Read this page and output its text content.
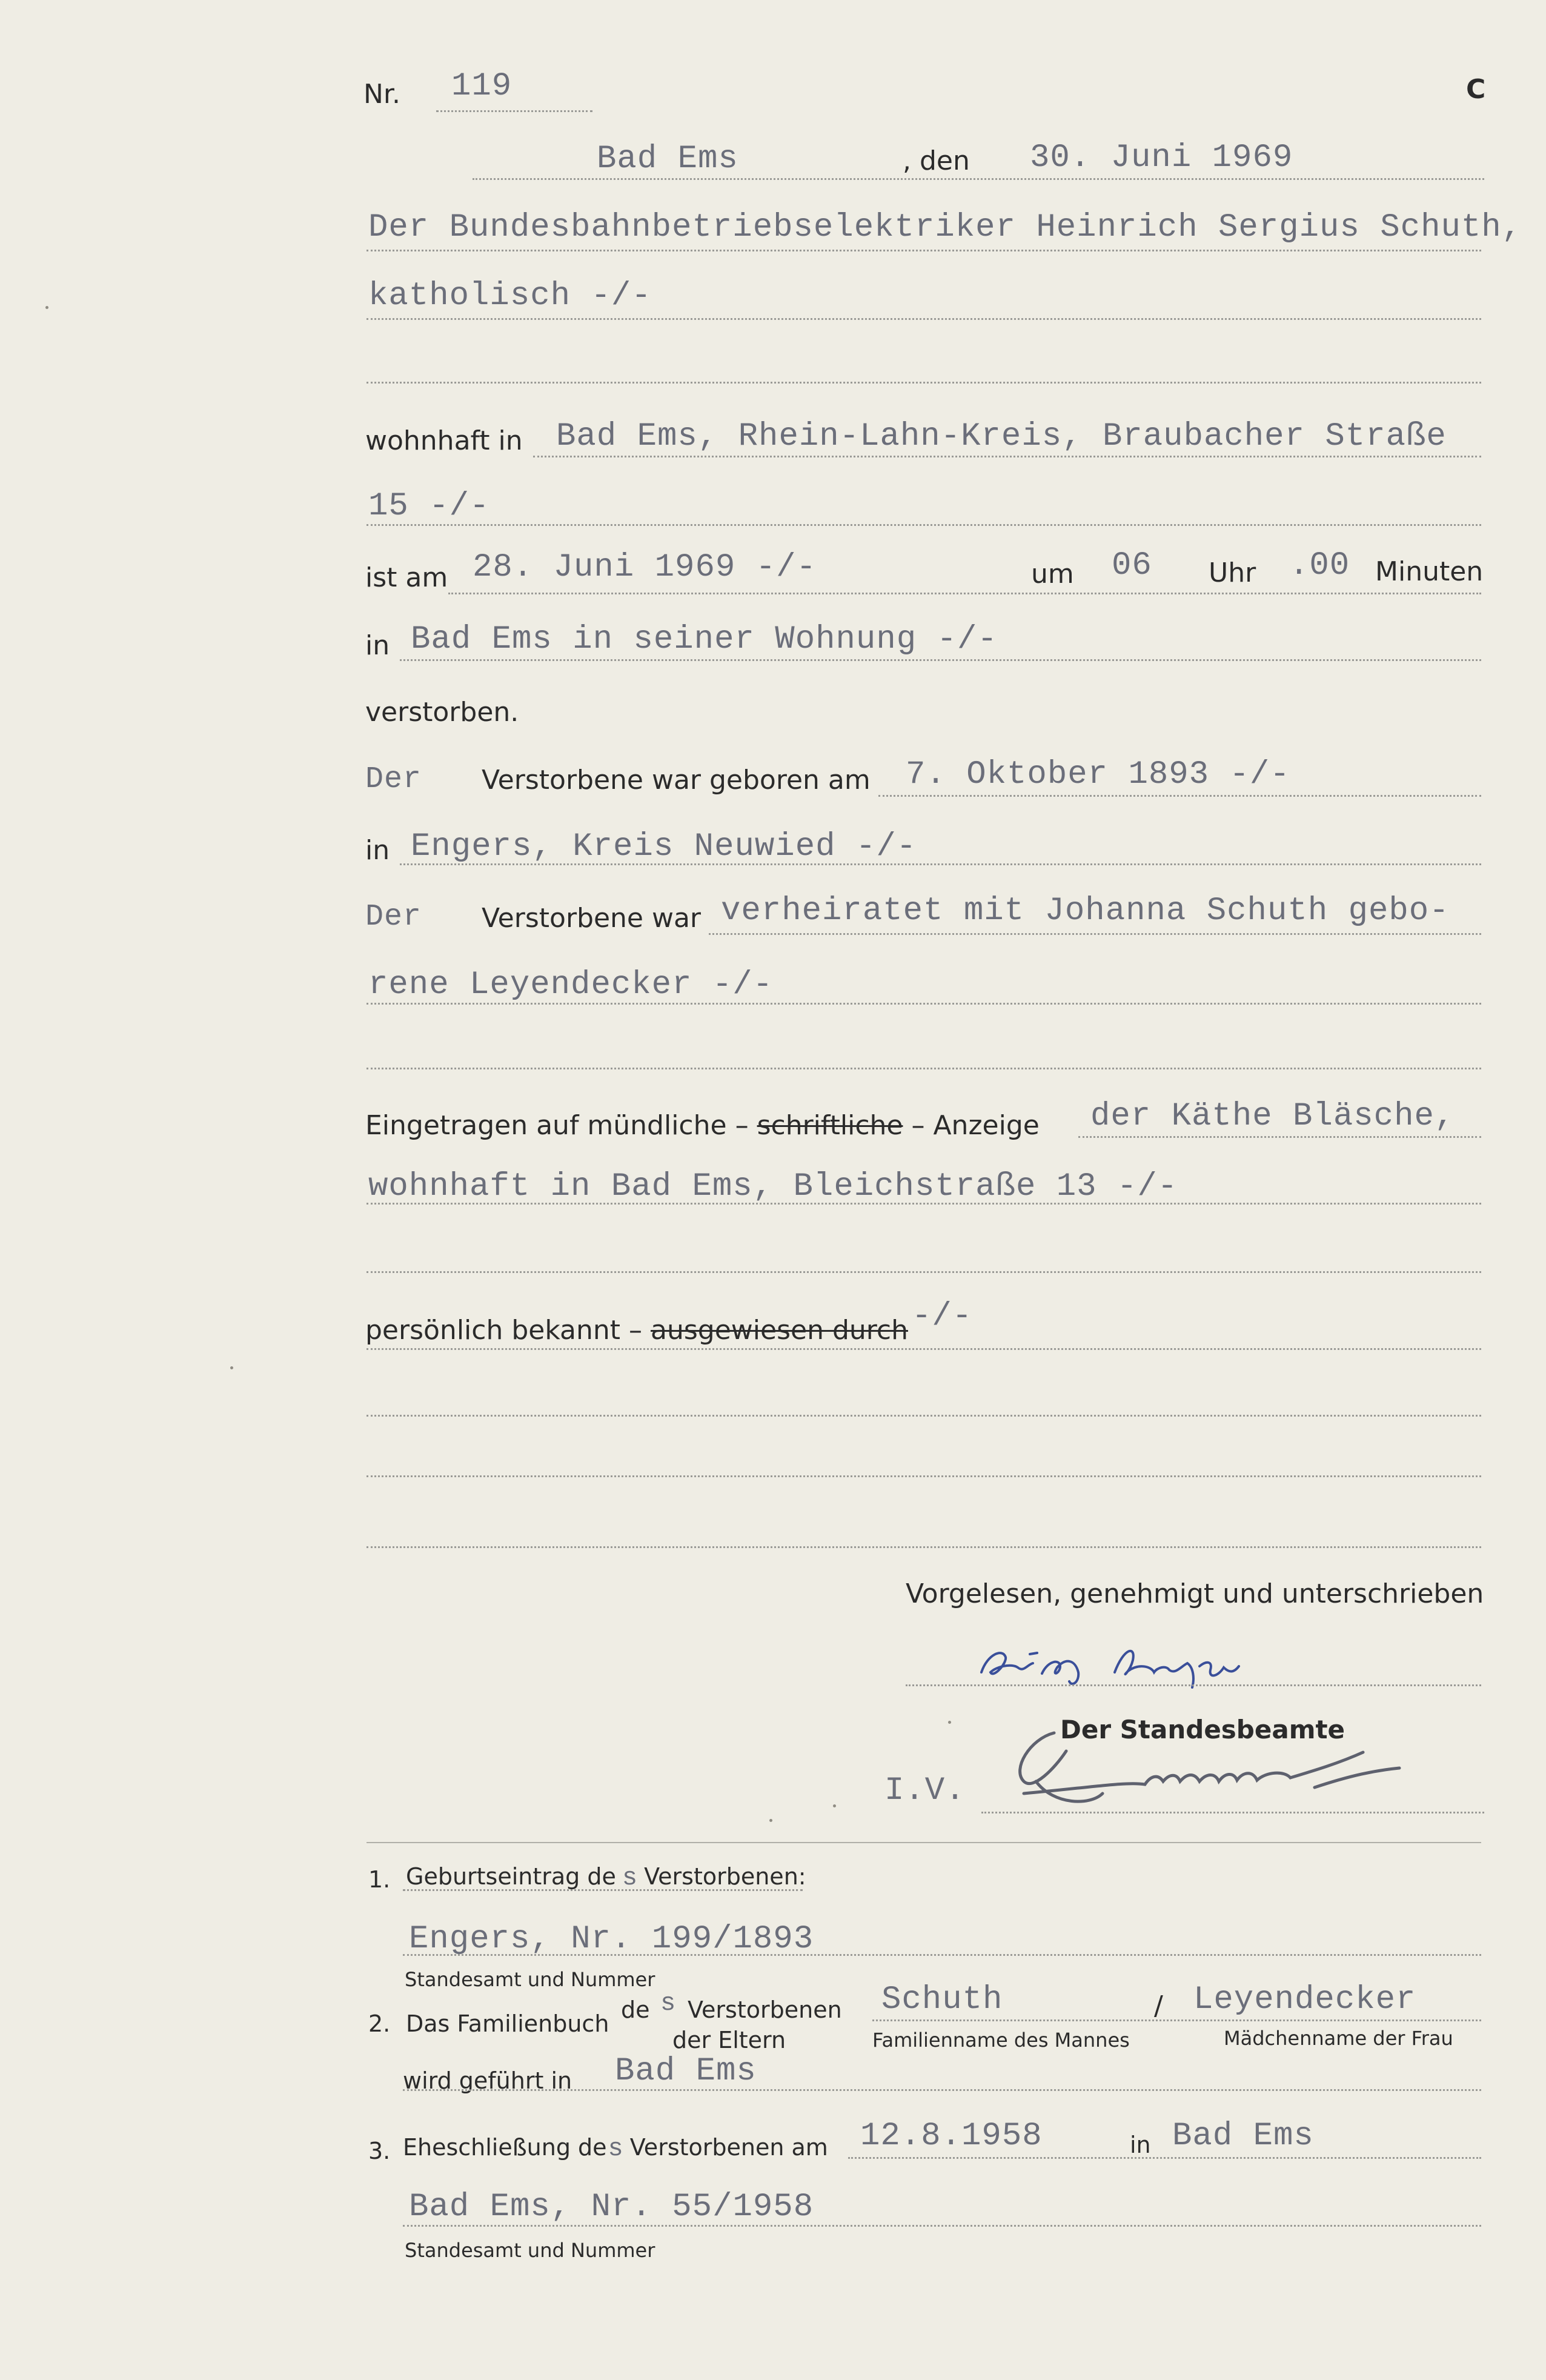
Nr. 119	C
Bad Ems	, den 30. Juni 1969
Der Bundesbahnbetriebselektriker Heinrich Sergius Schuth,
katholisch -/-
wohnhaft in Bad Ems, Rhein-Lahn-Kreis, Braubacher Straße
15 -/-
ist am 28. Juni 1969 -/-	um 06 Uhr .00 Minuten
in Bad Ems in seiner Wohnung -/-
verstorben.
Der Verstorbene war geboren am 7. Oktober 1893 -/-
in Engers, Kreis Neuwied -/-
Der Verstorbene war verheiratet mit Johanna Schuth gebo-
rene Leyendecker -/-
Eingetragen auf mündliche – schriftliche – Anzeige der Käthe Bläsche,
wohnhaft in Bad Ems, Bleichstraße 13 -/-
persönlich bekannt – ausgewiesen durch -/-
Vorgelesen, genehmigt und unterschrieben
Der Standesbeamte
I.V.
1. Geburtseintrag de s Verstorbenen:
Engers, Nr. 199/1893
Standesamt und Nummer
2. Das Familienbuch
de s Verstorbenen
der Eltern
Schuth	/ Leyendecker
Familienname des Mannes	Mädchenname der Frau
wird geführt in Bad Ems
3. Eheschließung des Verstorbenen am 12.8.1958	in Bad Ems
Bad Ems, Nr. 55/1958
Standesamt und Nummer
